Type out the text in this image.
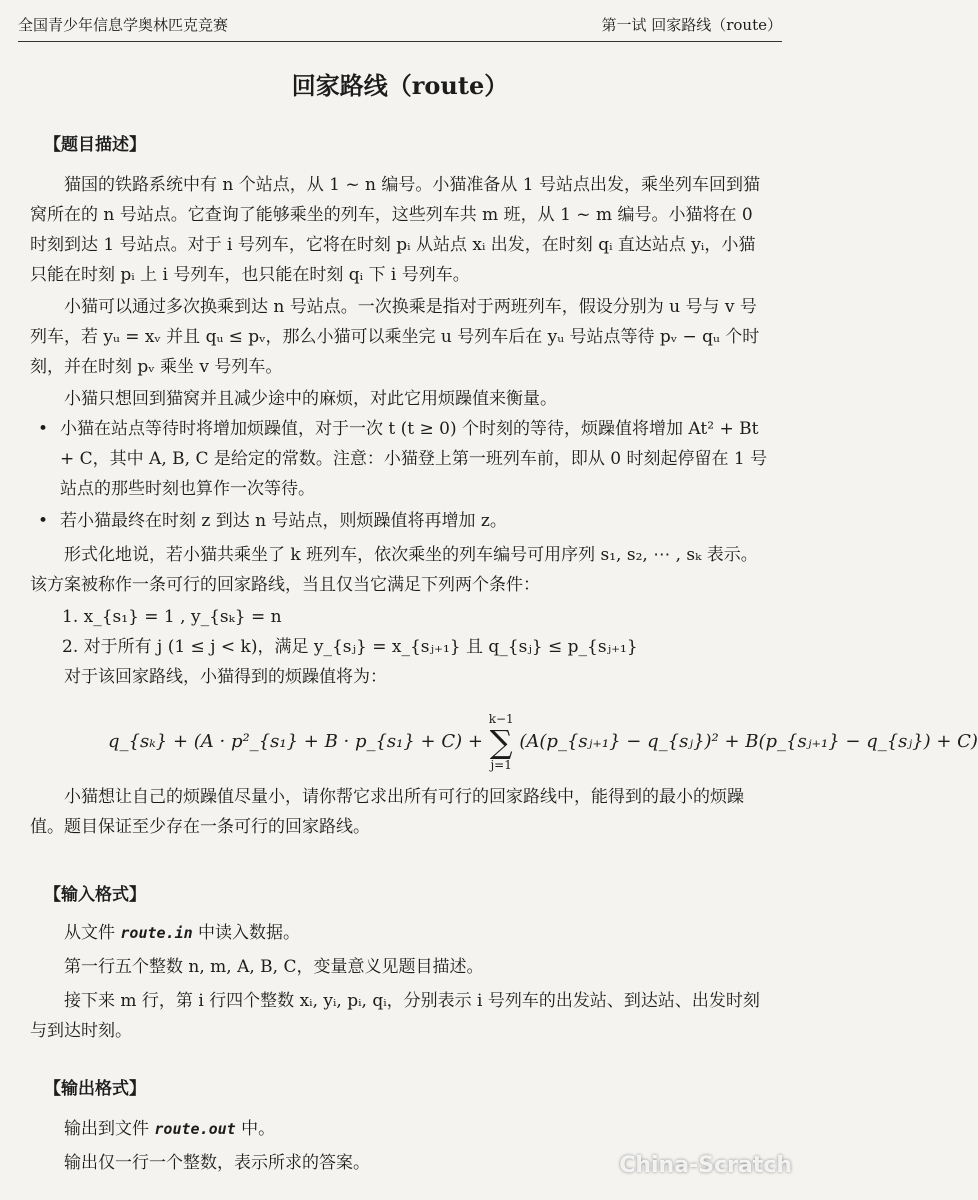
全国青少年信息学奥林匹克竞赛	第一试 回家路线（route）
回家路线（route）
【题目描述】
猫国的铁路系统中有 n 个站点，从 1 ~ n 编号。小猫准备从 1 号站点出发，乘坐列车回到猫窝所在的 n 号站点。它查询了能够乘坐的列车，这些列车共 m 班，从 1 ~ m 编号。小猫将在 0 时刻到达 1 号站点。对于 i 号列车，它将在时刻 pᵢ 从站点 xᵢ 出发，在时刻 qᵢ 直达站点 yᵢ，小猫只能在时刻 pᵢ 上 i 号列车，也只能在时刻 qᵢ 下 i 号列车。
小猫可以通过多次换乘到达 n 号站点。一次换乘是指对于两班列车，假设分别为 u 号与 v 号列车，若 yᵤ = xᵥ 并且 qᵤ ≤ pᵥ，那么小猫可以乘坐完 u 号列车后在 yᵤ 号站点等待 pᵥ − qᵤ 个时刻，并在时刻 pᵥ 乘坐 v 号列车。
小猫只想回到猫窝并且减少途中的麻烦，对此它用烦躁值来衡量。
• 小猫在站点等待时将增加烦躁值，对于一次 t (t ≥ 0) 个时刻的等待，烦躁值将增加 At² + Bt + C，其中 A, B, C 是给定的常数。注意：小猫登上第一班列车前，即从 0 时刻起停留在 1 号站点的那些时刻也算作一次等待。
• 若小猫最终在时刻 z 到达 n 号站点，则烦躁值将再增加 z。
形式化地说，若小猫共乘坐了 k 班列车，依次乘坐的列车编号可用序列 s₁, s₂, ⋯ , sₖ 表示。该方案被称作一条可行的回家路线，当且仅当它满足下列两个条件：
1. x_{s₁} = 1 , y_{sₖ} = n
2. 对于所有 j (1 ≤ j < k)，满足 y_{sⱼ} = x_{sⱼ₊₁} 且 q_{sⱼ} ≤ p_{sⱼ₊₁}
对于该回家路线，小猫得到的烦躁值将为：
q_{sₖ} + (A · p²_{s₁} + B · p_{s₁} + C) +
k−1
∑
j=1
(A(p_{sⱼ₊₁} − q_{sⱼ})² + B(p_{sⱼ₊₁} − q_{sⱼ}) + C)
小猫想让自己的烦躁值尽量小，请你帮它求出所有可行的回家路线中，能得到的最小的烦躁值。题目保证至少存在一条可行的回家路线。
【输入格式】
从文件 route.in 中读入数据。
第一行五个整数 n, m, A, B, C，变量意义见题目描述。
接下来 m 行，第 i 行四个整数 xᵢ, yᵢ, pᵢ, qᵢ，分别表示 i 号列车的出发站、到达站、出发时刻与到达时刻。
【输出格式】
输出到文件 route.out 中。
输出仅一行一个整数，表示所求的答案。	China-Scratch
